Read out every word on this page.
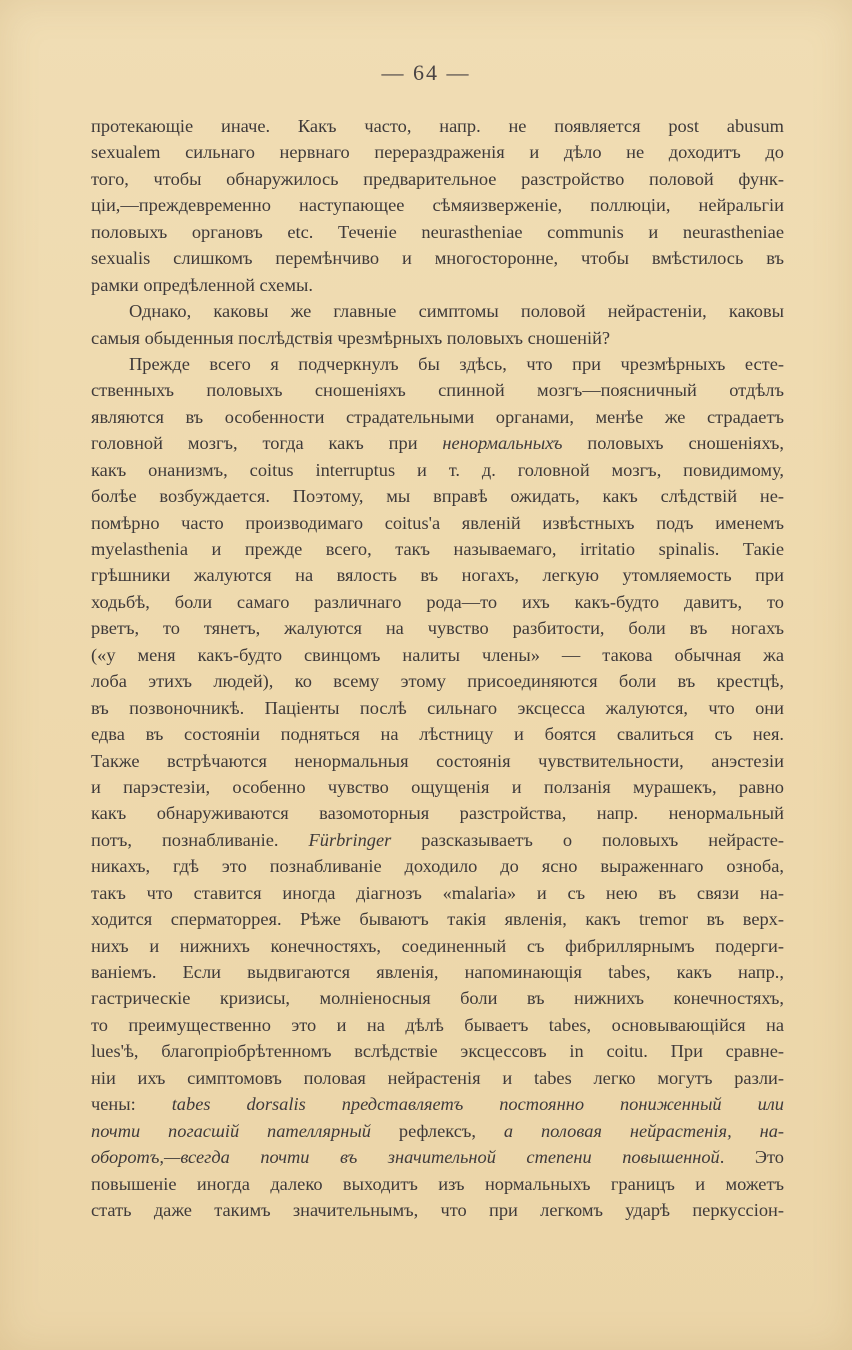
— 64 —
протекающіе иначе. Какъ часто, напр. не появляется post abusum
sexualem сильнаго нервнаго перераздраженія и дѣло не доходитъ до
того, чтобы обнаружилось предварительное разстройство половой функ-
ціи,—преждевременно наступающее сѣмяизверженіе, поллюціи, нейральгіи
половыхъ органовъ etc. Теченіе neurasthenіae communis и neurasthenіae
sexualis слишкомъ перемѣнчиво и многосторонне, чтобы вмѣстилось въ
рамки опредѣленной схемы.
Однако, каковы же главные симптомы половой нейрастеніи, каковы
самыя обыденныя послѣдствія чрезмѣрныхъ половыхъ сношеній?
Прежде всего я подчеркнулъ бы здѣсь, что при чрезмѣрныхъ есте-
ственныхъ половыхъ сношеніяхъ спинной мозгъ—поясничный отдѣлъ
являются въ особенности страдательными органами, менѣе же страдаетъ
головной мозгъ, тогда какъ при ненормальныхъ половыхъ сношеніяхъ,
какъ онанизмъ, coitus interruptus и т. д. головной мозгъ, повидимому,
болѣе возбуждается. Поэтому, мы вправѣ ожидать, какъ слѣдствій не-
помѣрно часто производимаго coitus'а явленій извѣстныхъ подъ именемъ
myelasthenіa и прежде всего, такъ называемаго, irritatio spinalis. Такіе
грѣшники жалуются на вялость въ ногахъ, легкую утомляемость при
ходьбѣ, боли самаго различнаго рода—то ихъ какъ-будто давитъ, то
рветъ, то тянетъ, жалуются на чувство разбитости, боли въ ногахъ
(«у меня какъ-будто свинцомъ налиты члены» — такова обычная жа
лоба этихъ людей), ко всему этому присоединяются боли въ крестцѣ,
въ позвоночникѣ. Паціенты послѣ сильнаго эксцесса жалуются, что они
едва въ состояніи подняться на лѣстницу и боятся свалиться съ нея.
Также встрѣчаются ненормальныя состоянія чувствительности, анэстезіи
и парэстезіи, особенно чувство ощущенія и ползанія мурашекъ, равно
какъ обнаруживаются вазомоторныя разстройства, напр. ненормальный
потъ, познабливаніе. Fürbringer разсказываетъ о половыхъ нейрасте-
никахъ, гдѣ это познабливаніе доходило до ясно выраженнаго озноба,
такъ что ставится иногда діагнозъ «malaria» и съ нею въ связи на-
ходится сперматоррея. Рѣже бываютъ такія явленія, какъ tremor въ верх-
нихъ и нижнихъ конечностяхъ, соединенный съ фибриллярнымъ подерги-
ваніемъ. Если выдвигаются явленія, напоминающія tabes, какъ напр.,
гастрическіе кризисы, молніеносныя боли въ нижнихъ конечностяхъ,
то преимущественно это и на дѣлѣ бываетъ tabes, основывающійся на
lues'ѣ, благопріобрѣтенномъ вслѣдствіе эксцессовъ in coitu. При сравне-
ніи ихъ симптомовъ половая нейрастенія и tabes легко могутъ разли-
чены: tabes dorsalis представляетъ постоянно пониженный или
почти погасшій пателлярный рефлексъ, а половая нейрастенія, на-
оборотъ,—всегда почти въ значительной степени повышенной. Это
повышеніе иногда далеко выходитъ изъ нормальныхъ границъ и можетъ
стать даже такимъ значительнымъ, что при легкомъ ударѣ перкуссіон-
